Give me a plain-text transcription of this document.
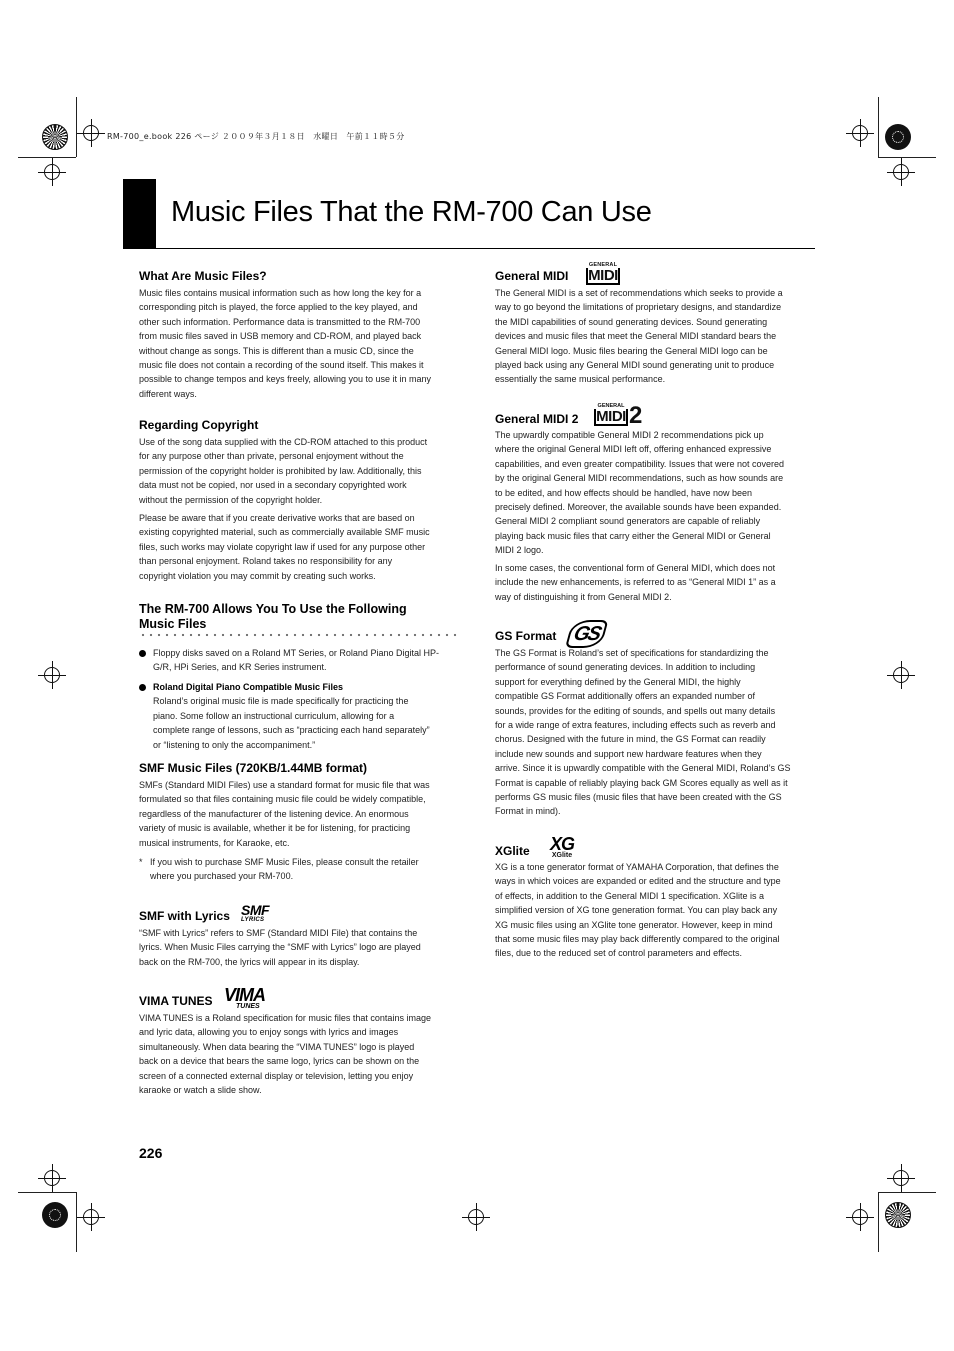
RM-700_e.book 226 ページ ２００９年３月１８日　水曜日　午前１１時５分
Music Files That the RM-700 Can Use
What Are Music Files?
Music files contains musical information such as how long the key for a
corresponding pitch is played, the force applied to the key played, and
other such information. Performance data is transmitted to the RM-700
from music files saved in USB memory and CD-ROM, and played back
without change as songs. This is different than a music CD, since the
music file does not contain a recording of the sound itself. This makes it
possible to change tempos and keys freely, allowing you to use it in many
different ways.
Regarding Copyright
Use of the song data supplied with the CD-ROM attached to this product
for any purpose other than private, personal enjoyment without the
permission of the copyright holder is prohibited by law. Additionally, this
data must not be copied, nor used in a secondary copyrighted work
without the permission of the copyright holder.
Please be aware that if you create derivative works that are based on
existing copyrighted material, such as commercially available SMF music
files, such works may violate copyright law if used for any purpose other
than personal enjoyment. Roland takes no responsibility for any
copyright violation you may commit by creating such works.
The RM-700 Allows You To Use the Following
Music Files
Floppy disks saved on a Roland MT Series, or Roland Piano Digital HP-
G/R, HPi Series, and KR Series instrument.
Roland Digital Piano Compatible Music Files
Roland’s original music file is made specifically for practicing the
piano. Some follow an instructional curriculum, allowing for a
complete range of lessons, such as “practicing each hand separately”
or “listening to only the accompaniment.”
SMF Music Files (720KB/1.44MB format)
SMFs (Standard MIDI Files) use a standard format for music file that was
formulated so that files containing music file could be widely compatible,
regardless of the manufacturer of the listening device. An enormous
variety of music is available, whether it be for listening, for practicing
musical instruments, for Karaoke, etc.
* If you wish to purchase SMF Music Files, please consult the retailer
where you purchased your RM-700.
SMF with Lyrics SMF
LYRICS
“SMF with Lyrics” refers to SMF (Standard MIDI File) that contains the
lyrics. When Music Files carrying the “SMF with Lyrics” logo are played
back on the RM-700, the lyrics will appear in its display.
VIMA TUNES VIMA
TUNES
VIMA TUNES is a Roland specification for music files that contains image
and lyric data, allowing you to enjoy songs with lyrics and images
simultaneously. When data bearing the “VIMA TUNES” logo is played
back on a device that bears the same logo, lyrics can be shown on the
screen of a connected external display or television, letting you enjoy
karaoke or watch a slide show.
General MIDI
GENERAL
MIDI
The General MIDI is a set of recommendations which seeks to provide a
way to go beyond the limitations of proprietary designs, and standardize
the MIDI capabilities of sound generating devices. Sound generating
devices and music files that meet the General MIDI standard bears the
General MIDI logo. Music files bearing the General MIDI logo can be
played back using any General MIDI sound generating unit to produce
essentially the same musical performance.
General MIDI 2
GENERAL
MIDI 2
The upwardly compatible General MIDI 2 recommendations pick up
where the original General MIDI left off, offering enhanced expressive
capabilities, and even greater compatibility. Issues that were not covered
by the original General MIDI recommendations, such as how sounds are
to be edited, and how effects should be handled, have now been
precisely defined. Moreover, the available sounds have been expanded.
General MIDI 2 compliant sound generators are capable of reliably
playing back music files that carry either the General MIDI or General
MIDI 2 logo.
In some cases, the conventional form of General MIDI, which does not
include the new enhancements, is referred to as “General MIDI 1” as a
way of distinguishing it from General MIDI 2.
GS Format GS
The GS Format is Roland’s set of specifications for standardizing the
performance of sound generating devices. In addition to including
support for everything defined by the General MIDI, the highly
compatible GS Format additionally offers an expanded number of
sounds, provides for the editing of sounds, and spells out many details
for a wide range of extra features, including effects such as reverb and
chorus. Designed with the future in mind, the GS Format can readily
include new sounds and support new hardware features when they
arrive. Since it is upwardly compatible with the General MIDI, Roland’s GS
Format is capable of reliably playing back GM Scores equally as well as it
performs GS music files (music files that have been created with the GS
Format in mind).
XGlite XG
XGlite
XG is a tone generator format of YAMAHA Corporation, that defines the
ways in which voices are expanded or edited and the structure and type
of effects, in addition to the General MIDI 1 specification. XGlite is a
simplified version of XG tone generation format. You can play back any
XG music files using an XGlite tone generator. However, keep in mind
that some music files may play back differently compared to the original
files, due to the reduced set of control parameters and effects.
226
